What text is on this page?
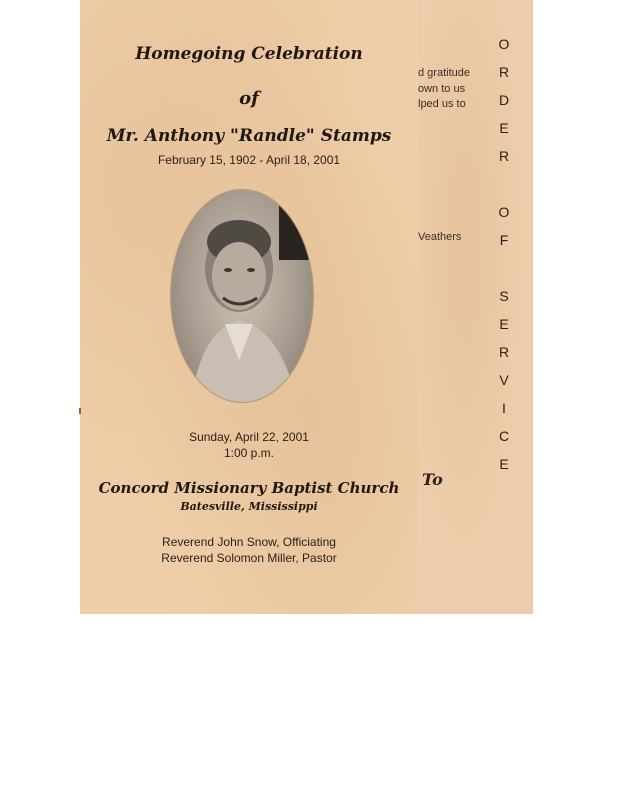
Homegoing Celebration
of
Mr. Anthony "Randle" Stamps
February 15, 1902 - April 18, 2001
Sunday, April 22, 2001
1:00 p.m.
Concord Missionary Baptist Church
Batesville, Mississippi
Reverend John Snow, Officiating
Reverend Solomon Miller, Pastor
d gratitude
own to us
lped us to
Veathers
To
O
R
D
E
R
O
F
S
E
R
V
I
C
E
